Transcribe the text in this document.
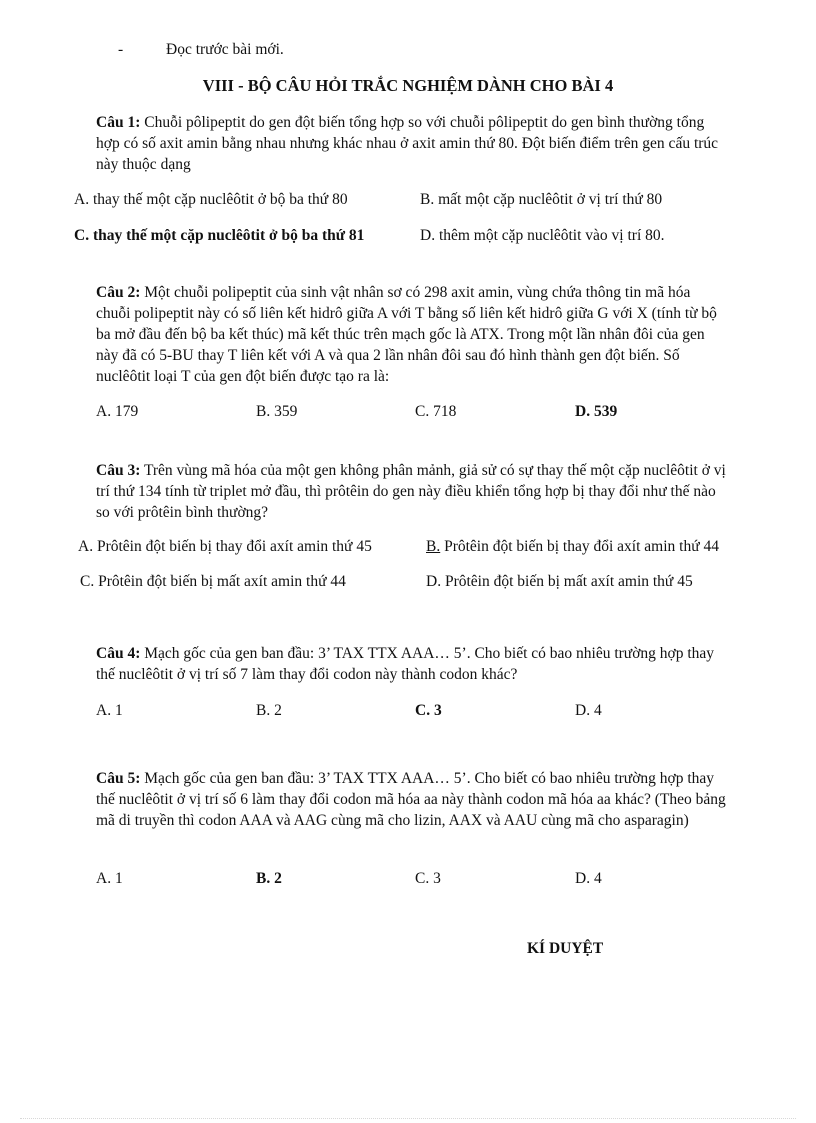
-	Đọc trước bài mới.
VIII - BỘ CÂU HỎI TRẮC NGHIỆM DÀNH CHO BÀI 4
Câu 1: Chuỗi pôlipeptit do gen đột biến tổng hợp so với chuỗi pôlipeptit do gen bình thường tổng hợp có số axit amin bằng nhau nhưng khác nhau ở axit amin thứ 80. Đột biến điểm trên gen cấu trúc này thuộc dạng
A. thay thế một cặp nuclêôtit ở bộ ba thứ 80	B. mất một cặp nuclêôtit ở vị trí thứ 80
C. thay thế một cặp nuclêôtit ở bộ ba thứ 81	D. thêm một cặp nuclêôtit vào vị trí 80.
Câu 2: Một chuỗi polipeptit của sinh vật nhân sơ có 298 axit amin, vùng chứa thông tin mã hóa chuỗi polipeptit này có số liên kết hidrô giữa A với T bằng số liên kết hidrô giữa G với X (tính từ bộ ba mở đầu đến bộ ba kết thúc) mã kết thúc trên mạch gốc là ATX. Trong một lần nhân đôi của gen này đã có 5-BU thay T liên kết với A và qua 2 lần nhân đôi sau đó hình thành gen đột biến. Số nuclêôtit loại T của gen đột biến được tạo ra là:
A. 179	B. 359	C. 718	D. 539
Câu 3: Trên vùng mã hóa của một gen không phân mảnh, giả sử có sự thay thế một cặp nuclêôtit ở vị trí thứ 134 tính từ triplet mở đầu, thì prôtêin do gen này điều khiển tổng hợp bị thay đổi như thế nào so với prôtêin bình thường?
A. Prôtêin đột biến bị thay đổi axít amin thứ 45	B. Prôtêin đột biến bị thay đổi axít amin thứ 44
C. Prôtêin đột biến bị mất axít amin thứ 44	D. Prôtêin đột biến bị mất axít amin thứ 45
Câu 4: Mạch gốc của gen ban đầu: 3’ TAX TTX AAA… 5’. Cho biết có bao nhiêu trường hợp thay thế nuclêôtit ở vị trí số 7 làm thay đổi codon này thành codon khác?
A. 1	B. 2	C. 3	D. 4
Câu 5: Mạch gốc của gen ban đầu: 3’ TAX TTX AAA… 5’. Cho biết có bao nhiêu trường hợp thay thế nuclêôtit ở vị trí số 6 làm thay đổi codon mã hóa aa này thành codon mã hóa aa khác? (Theo bảng mã di truyền thì codon AAA và AAG cùng mã cho lizin, AAX và AAU cùng mã cho asparagin)
A. 1	B. 2	C. 3	D. 4
KÍ DUYỆT
